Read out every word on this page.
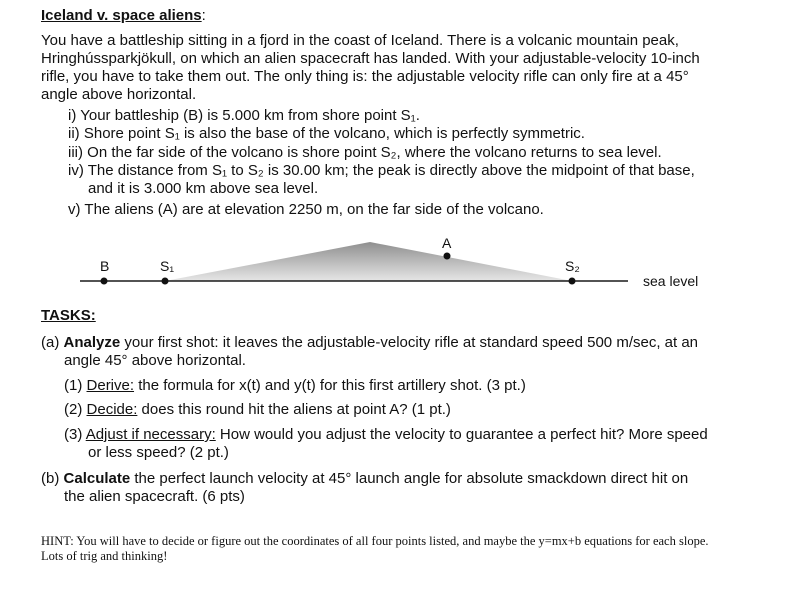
Iceland v. space aliens:
You have a battleship sitting in a fjord in the coast of Iceland. There is a volcanic mountain peak,
Hringhússparkjökull, on which an alien spacecraft has landed. With your adjustable-velocity 10-inch
rifle, you have to take them out. The only thing is: the adjustable velocity rifle can only fire at a 45°
angle above horizontal.
i) Your battleship (B) is 5.000 km from shore point S₁.
ii) Shore point S₁ is also the base of the volcano, which is perfectly symmetric.
iii) On the far side of the volcano is shore point S₂, where the volcano returns to sea level.
iv) The distance from S₁ to S₂ is 30.00 km; the peak is directly above the midpoint of that base,
and it is 3.000 km above sea level.
v) The aliens (A) are at elevation 2250 m, on the far side of the volcano.
B	S₁	S₂
A
sea level
TASKS:
(a) Analyze your first shot: it leaves the adjustable-velocity rifle at standard speed 500 m/sec, at an
angle 45° above horizontal.
(1) Derive: the formula for x(t) and y(t) for this first artillery shot. (3 pt.)
(2) Decide: does this round hit the aliens at point A? (1 pt.)
(3) Adjust if necessary: How would you adjust the velocity to guarantee a perfect hit? More speed
or less speed? (2 pt.)
(b) Calculate the perfect launch velocity at 45° launch angle for absolute smackdown direct hit on
the alien spacecraft. (6 pts)
HINT: You will have to decide or figure out the coordinates of all four points listed, and maybe the y=mx+b equations for each slope.
Lots of trig and thinking!
